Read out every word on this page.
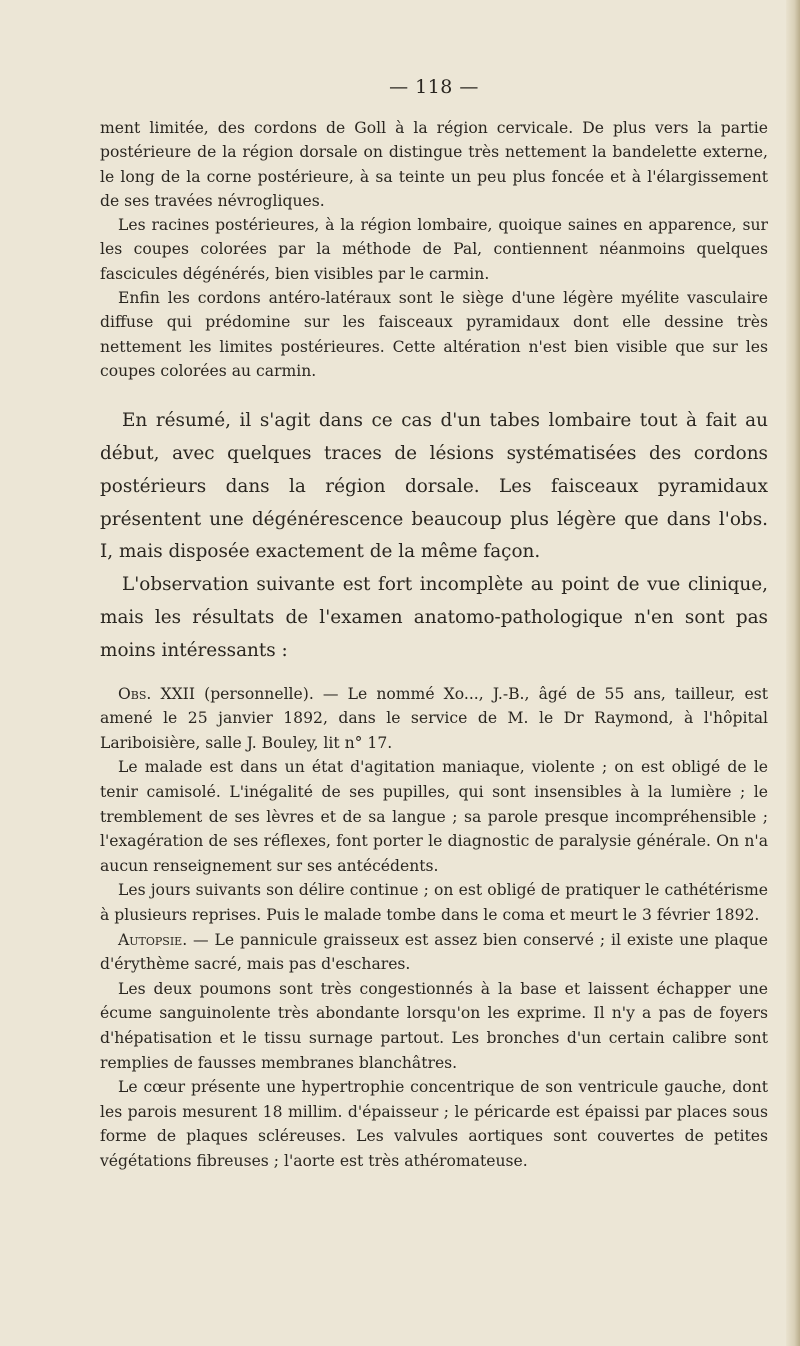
— 118 —

ment limitée, des cordons de Goll à la région cervicale. De plus vers la partie postérieure de la région dorsale on distingue très nettement la bandelette externe, le long de la corne postérieure, à sa teinte un peu plus foncée et à l'élargissement de ses travées névrogliques.

Les racines postérieures, à la région lombaire, quoique saines en apparence, sur les coupes colorées par la méthode de Pal, contiennent néanmoins quelques fascicules dégénérés, bien visibles par le carmin.

Enfin les cordons antéro-latéraux sont le siège d'une légère myélite vasculaire diffuse qui prédomine sur les faisceaux pyramidaux dont elle dessine très nettement les limites postérieures. Cette altération n'est bien visible que sur les coupes colorées au carmin.

En résumé, il s'agit dans ce cas d'un tabes lombaire tout à fait au début, avec quelques traces de lésions systématisées des cordons postérieurs dans la région dorsale. Les faisceaux pyramidaux présentent une dégénérescence beaucoup plus légère que dans l'obs. I, mais disposée exactement de la même façon.

L'observation suivante est fort incomplète au point de vue clinique, mais les résultats de l'examen anatomo-pathologique n'en sont pas moins intéressants :

Obs. XXII (personnelle). — Le nommé Xo..., J.-B., âgé de 55 ans, tailleur, est amené le 25 janvier 1892, dans le service de M. le Dr Raymond, à l'hôpital Lariboisière, salle J. Bouley, lit n° 17.

Le malade est dans un état d'agitation maniaque, violente ; on est obligé de le tenir camisolé. L'inégalité de ses pupilles, qui sont insensibles à la lumière ; le tremblement de ses lèvres et de sa langue ; sa parole presque incompréhensible ; l'exagération de ses réflexes, font porter le diagnostic de paralysie générale. On n'a aucun renseignement sur ses antécédents.

Les jours suivants son délire continue ; on est obligé de pratiquer le cathétérisme à plusieurs reprises. Puis le malade tombe dans le coma et meurt le 3 février 1892.

Autopsie. — Le pannicule graisseux est assez bien conservé ; il existe une plaque d'érythème sacré, mais pas d'eschares.

Les deux poumons sont très congestionnés à la base et laissent échapper une écume sanguinolente très abondante lorsqu'on les exprime. Il n'y a pas de foyers d'hépatisation et le tissu surnage partout. Les bronches d'un certain calibre sont remplies de fausses membranes blanchâtres.

Le cœur présente une hypertrophie concentrique de son ventricule gauche, dont les parois mesurent 18 millim. d'épaisseur ; le péricarde est épaissi par places sous forme de plaques scléreuses. Les valvules aortiques sont couvertes de petites végétations fibreuses ; l'aorte est très athéromateuse.
